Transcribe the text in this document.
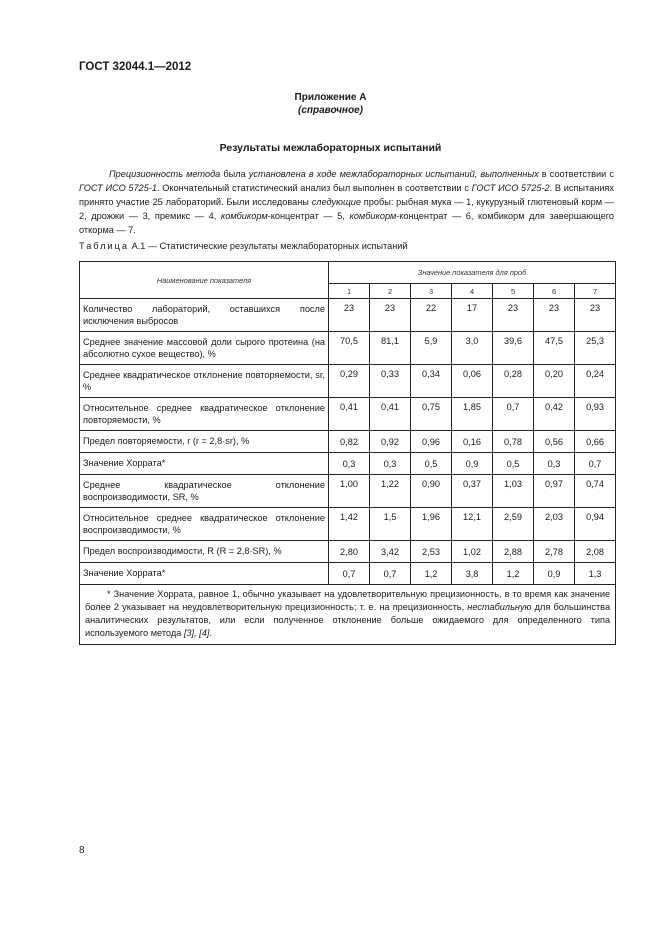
ГОСТ 32044.1—2012
Приложение А
(справочное)
Результаты межлабораторных испытаний

Прецизионность метода была установлена в ходе межлабораторных испытаний, выполненных в соответствии с ГОСТ ИСО 5725-1. Окончательный статистический анализ был выполнен в соответствии с ГОСТ ИСО 5725-2. В испытаниях принято участие 25 лабораторий. Были исследованы следующие пробы: рыбная мука — 1, кукурузный глютеновый корм — 2, дрожжи — 3, премикс — 4, комбикорм-концентрат — 5, комбикорм-концентрат — 6, комбикорм для завершающего откорма — 7.

Таблица А.1 — Статистические результаты межлабораторных испытаний
Наименование показателя	Значение показателя для проб						
	1	2	3	4	5	6	7
Количество лабораторий, оставшихся после исключения выбросов	23	23	22	17	23	23	23
Среднее значение массовой доли сырого протеина (на абсолютно сухое вещество), %	70,5	81,1	5,9	3,0	39,6	47,5	25,3
Среднее квадратическое отклонение повторяемости, sr, %	0,29	0,33	0,34	0,06	0,28	0,20	0,24
Относительное среднее квадратическое отклонение повторяемости, %	0,41	0,41	0,75	1,85	0,7	0,42	0,93
Предел повторяемости, r (r = 2,8·sr), %	0,82	0,92	0,96	0,16	0,78	0,56	0,66
Значение Хоррата*	0,3	0,3	0,5	0,9	0,5	0,3	0,7
Среднее квадратическое отклонение воспроизводимости, SR, %	1,00	1,22	0,90	0,37	1,03	0,97	0,74
Относительное среднее квадратическое отклонение воспроизводимости, %	1,42	1,5	1,96	12,1	2,59	2,03	0,94
Предел воспроизводимости, R (R = 2,8·SR), %	2,80	3,42	2,53	1,02	2,88	2,78	2,08
Значение Хоррата*	0,7	0,7	1,2	3,8	1,2	0,9	1,3
* Значение Хоррата, равное 1, обычно указывает на удовлетворительную прецизионность, в то время как значение более 2 указывает на неудовлетворительную прецизионность; т. е. на прецизионность, нестабильную для большинства аналитических результатов, или если полученное отклонение больше ожидаемого для определенного типа используемого метода [3], [4].							
8
